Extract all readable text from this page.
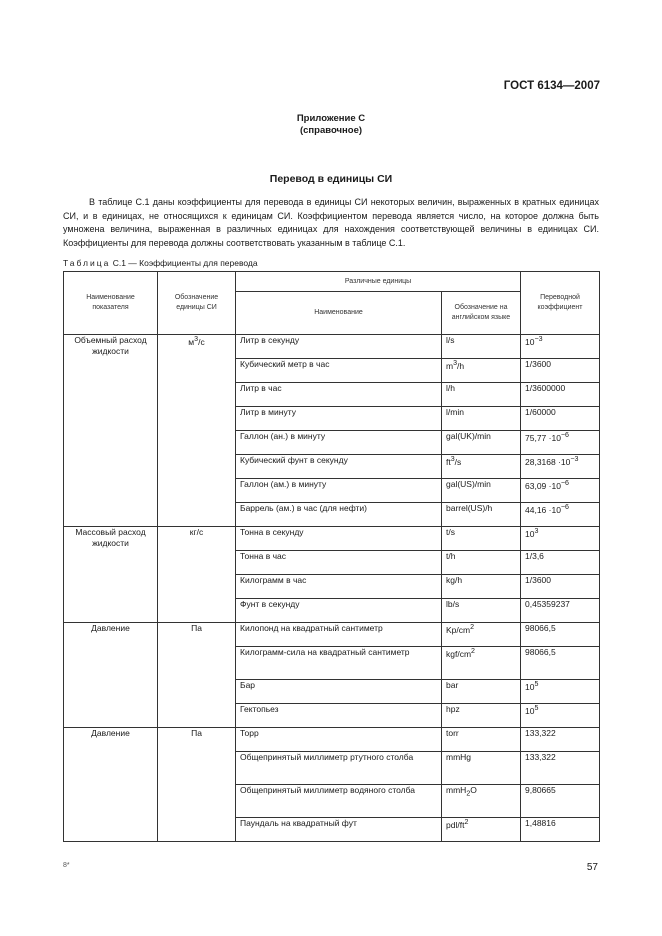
ГОСТ 6134—2007
Приложение С
(справочное)
Перевод в единицы СИ
В таблице С.1 даны коэффициенты для перевода в единицы СИ некоторых величин, выраженных в кратных единицах СИ, и в единицах, не относящихся к единицам СИ. Коэффициентом перевода является число, на которое должна быть умножена величина, выраженная в различных единицах для нахождения соответствующей величины в единицах СИ. Коэффициенты для перевода должны соответствовать указанным в таблице С.1.
Таблица С.1 — Коэффициенты для перевода
Наименование показателя	Обозначение единицы СИ	Различные единицы		Переводной коэффициент
		Наименование	Обозначение на английском языке	
Объемный расход жидкости	$м^3/с$	Литр в секунду	l/s	$10^{-3}$
		Кубический метр в час	$m^3/h$	1/3600
		Литр в час	l/h	1/3600000
		Литр в минуту	l/min	1/60000
		Галлон (ан.) в минуту	gal(UK)/min	$75,77 \cdot 10^{-6}$
		Кубический фунт в секунду	$ft^3/s$	$28,3168 \cdot 10^{-3}$
		Галлон (ам.) в минуту	gal(US)/min	$63,09 \cdot 10^{-6}$
		Баррель (ам.) в час (для нефти)	barrel(US)/h	$44,16 \cdot 10^{-6}$
Массовый расход жидкости	кг/с	Тонна в секунду	t/s	$10^3$
		Тонна в час	t/h	1/3,6
		Килограмм в час	kg/h	1/3600
		Фунт в секунду	lb/s	0,45359237
Давление	Па	Килопонд на квадратный сантиметр	$Kp/cm^2$	98066,5
		Килограмм-сила на квадратный сантиметр	kgf/$cm^2$	98066,5
		Бар	bar	$10^5$
		Гектопьез	hpz	$10^5$
Давление	Па	Торр	torr	133,322
		Общепринятый миллиметр ртутного столба	mmHg	133,322
		Общепринятый миллиметр водяного столба	mmH$_2$O	9,80665
		Паундаль на квадратный фут	pdl/$ft^2$	1,48816
8*	57
